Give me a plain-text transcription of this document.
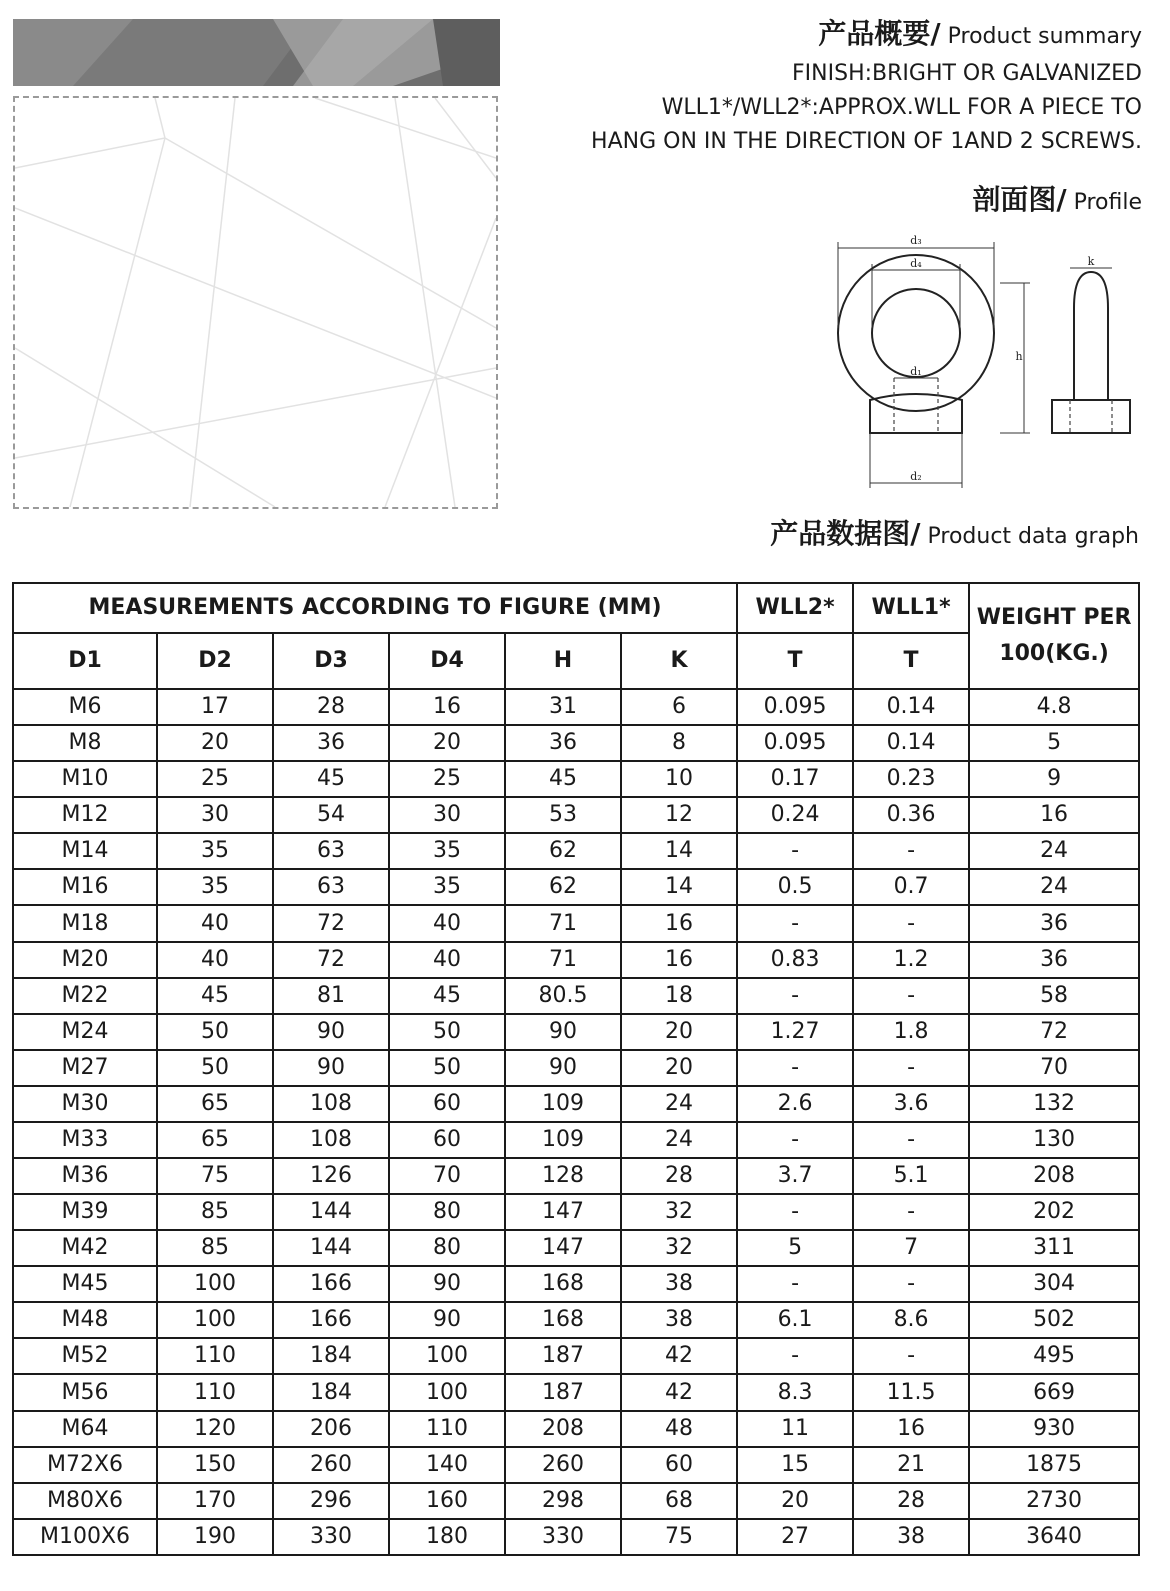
产品概要/ Product summary
FINISH:BRIGHT OR GALVANIZED
WLL1*/WLL2*:APPROX.WLL FOR A PIECE TO
HANG ON IN THE DIRECTION OF 1AND 2 SCREWS.
剖面图/ Profile
d₃
d₄
d₁
d₂
h
k
产品数据图/ Product data graph
MEASUREMENTS ACCORDING TO FIGURE (MM)						WLL2*	WLL1*	WEIGHT PER
100(KG.)

D1	D2	D3	D4	H	K	T	T	
M6	17	28	16	31	6	0.095	0.14	4.8
M8	20	36	20	36	8	0.095	0.14	5
M10	25	45	25	45	10	0.17	0.23	9
M12	30	54	30	53	12	0.24	0.36	16
M14	35	63	35	62	14	-	-	24
M16	35	63	35	62	14	0.5	0.7	24
M18	40	72	40	71	16	-	-	36
M20	40	72	40	71	16	0.83	1.2	36
M22	45	81	45	80.5	18	-	-	58
M24	50	90	50	90	20	1.27	1.8	72
M27	50	90	50	90	20	-	-	70
M30	65	108	60	109	24	2.6	3.6	132
M33	65	108	60	109	24	-	-	130
M36	75	126	70	128	28	3.7	5.1	208
M39	85	144	80	147	32	-	-	202
M42	85	144	80	147	32	5	7	311
M45	100	166	90	168	38	-	-	304
M48	100	166	90	168	38	6.1	8.6	502
M52	110	184	100	187	42	-	-	495
M56	110	184	100	187	42	8.3	11.5	669
M64	120	206	110	208	48	11	16	930
M72X6	150	260	140	260	60	15	21	1875
M80X6	170	296	160	298	68	20	28	2730
M100X6	190	330	180	330	75	27	38	3640
